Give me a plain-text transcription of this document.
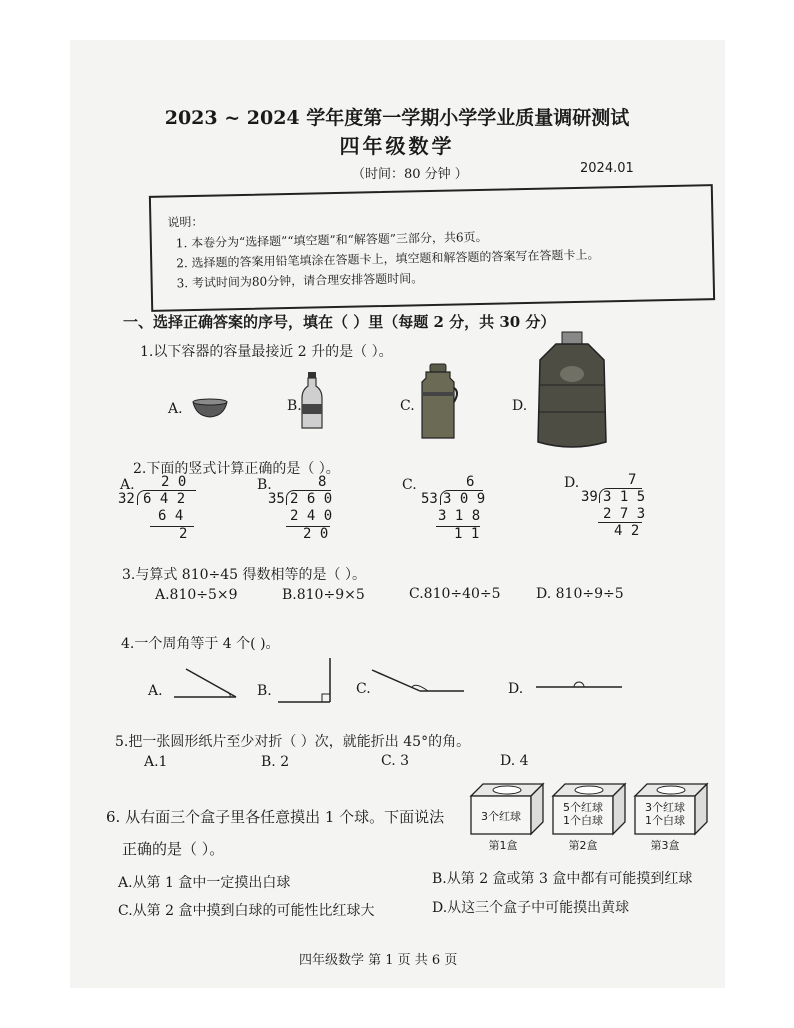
2023 ~ 2024 学年度第一学期小学学业质量调研测试
四年级数学
（时间：80 分钟 ）	2024.01
说明：
1. 本卷分为“选择题”“填空题”和“解答题”三部分，共6页。
2. 选择题的答案用铅笔填涂在答题卡上，填空题和解答题的答案写在答题卡上。
3. 考试时间为80分钟，请合理安排答题时间。
一、选择正确答案的序号，填在（ ）里（每题 2 分，共 30 分）
1.以下容器的容量最接近 2 升的是（ ）。
A.	B.	C.	D.
2.下面的竖式计算正确的是（ ）。
A. 2 0
32 6 4 2
6 4
2
B.	8
35 2 6 0
2 4 0
2 0
C.	6
53 3 0 9
3 1 8
1 1
D.	7
39 3 1 5
2 7 3
4 2
3.与算式 810÷45 得数相等的是（ ）。
A.810÷5×9	B.810÷9×5	C.810÷40÷5	D. 810÷9÷5
4.一个周角等于 4 个( )。
A.	B.	C.	D.
5.把一张圆形纸片至少对折（ ）次，就能折出 45°的角。
A.1	B. 2	C. 3	D. 4
6. 从右面三个盒子里各任意摸出 1 个球。下面说法
正确的是（ ）。
3个红球
第1盒
5个红球
1个白球
第2盒
3个红球
1个白球
第3盒
A.从第 1 盒中一定摸出白球	B.从第 2 盒或第 3 盒中都有可能摸到红球
C.从第 2 盒中摸到白球的可能性比红球大	D.从这三个盒子中可能摸出黄球
四年级数学 第 1 页 共 6 页
